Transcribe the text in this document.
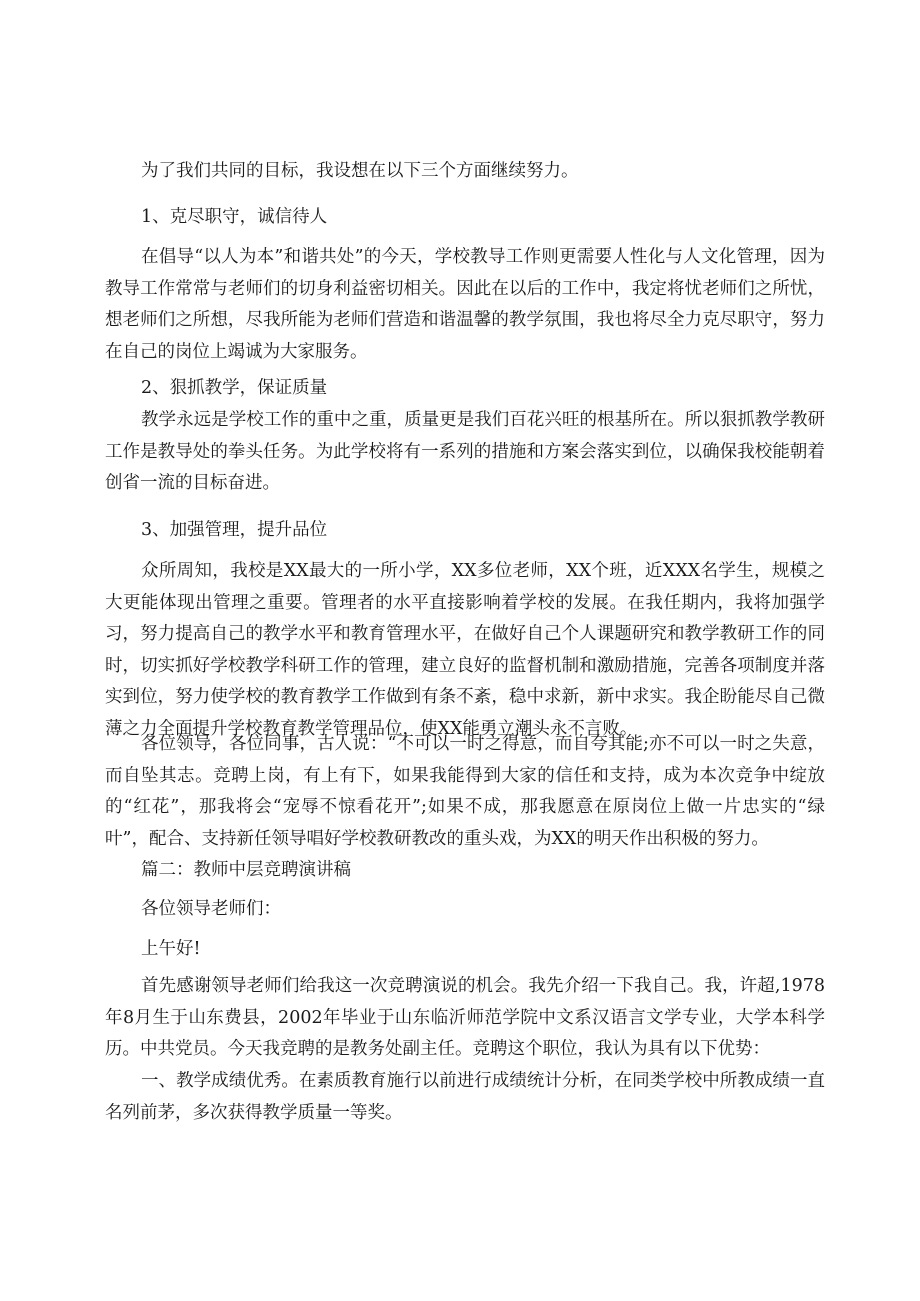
为了我们共同的目标，我设想在以下三个方面继续努力。

1、克尽职守，诚信待人

在倡导“以人为本”和谐共处”的今天，学校教导工作则更需要人性化与人文化管理，因为教导工作常常与老师们的切身利益密切相关。因此在以后的工作中，我定将忧老师们之所忧，想老师们之所想，尽我所能为老师们营造和谐温馨的教学氛围，我也将尽全力克尽职守，努力在自己的岗位上竭诚为大家服务。

2、狠抓教学，保证质量

教学永远是学校工作的重中之重，质量更是我们百花兴旺的根基所在。所以狠抓教学教研工作是教导处的拳头任务。为此学校将有一系列的措施和方案会落实到位，以确保我校能朝着创省一流的目标奋进。

3、加强管理，提升品位

众所周知，我校是XX最大的一所小学，XX多位老师，XX个班，近XXX名学生，规模之大更能体现出管理之重要。管理者的水平直接影响着学校的发展。在我任期内，我将加强学习，努力提高自己的教学水平和教育管理水平，在做好自己个人课题研究和教学教研工作的同时，切实抓好学校教学科研工作的管理，建立良好的监督机制和激励措施，完善各项制度并落实到位，努力使学校的教育教学工作做到有条不紊，稳中求新，新中求实。我企盼能尽自己微薄之力全面提升学校教育教学管理品位，使XX能勇立潮头永不言败。

各位领导，各位同事，古人说：“不可以一时之得意，而自夸其能;亦不可以一时之失意，而自坠其志。竞聘上岗，有上有下，如果我能得到大家的信任和支持，成为本次竞争中绽放的“红花”，那我将会“宠辱不惊看花开”;如果不成，那我愿意在原岗位上做一片忠实的“绿叶”，配合、支持新任领导唱好学校教研教改的重头戏，为XX的明天作出积极的努力。

篇二：教师中层竞聘演讲稿

各位领导老师们：

上午好!

首先感谢领导老师们给我这一次竞聘演说的机会。我先介绍一下我自己。我，许超,1978年8月生于山东费县，2002年毕业于山东临沂师范学院中文系汉语言文学专业，大学本科学历。中共党员。今天我竞聘的是教务处副主任。竞聘这个职位，我认为具有以下优势：

一、教学成绩优秀。在素质教育施行以前进行成绩统计分析，在同类学校中所教成绩一直名列前茅，多次获得教学质量一等奖。
